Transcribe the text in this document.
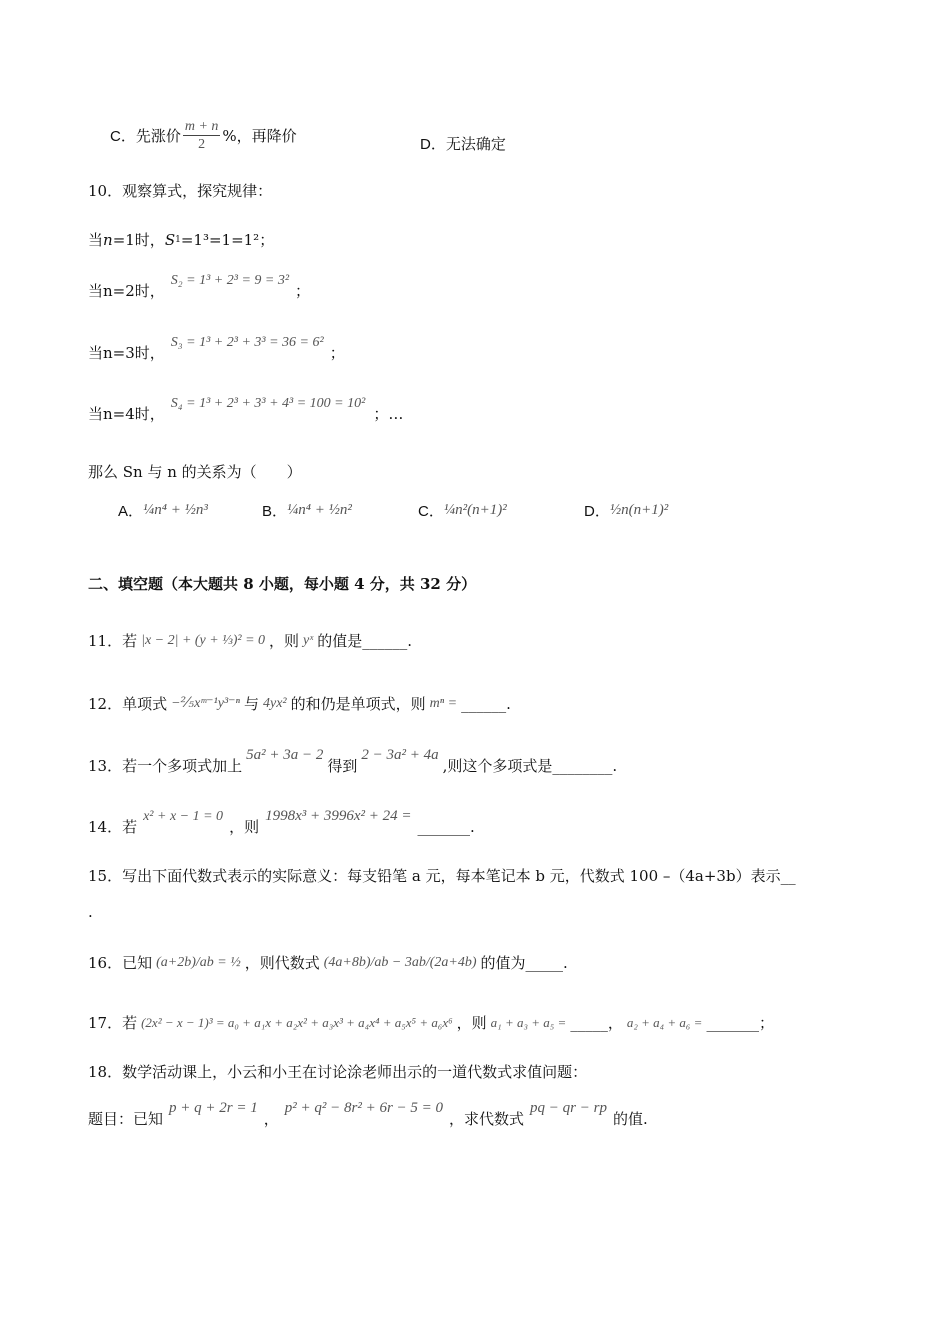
C．先涨价 $\frac{m + n}{2}$ %，再降价	D．无法确定
10．观察算式，探究规律：
当 n =1时， S 1 =1³=1=1²；
当n=2时，
S₂ = 1³ + 2³ = 9 = 3²
；
当n=3时，
S₃ = 1³ + 2³ + 3³ = 36 = 6²
；
当n=4时，
S₄ = 1³ + 2³ + 3³ + 4³ = 100 = 10²
；…
那么 Sn 与 n 的关系为（　　）
A． ¼n⁴ + ½n³	B． ¼n⁴ + ½n²	C． ¼n²(n+1)²	D． ½n(n+1)²
二、填空题（本大题共 8 小题，每小题 4 分，共 32 分）
11．若 |x − 2| + (y + ⅓)² = 0 ，则 yˣ 的值是______.
12．单项式 −⅖xᵐ⁻¹y³⁻ⁿ 与 4yx² 的和仍是单项式，则 mⁿ = ______.
13．若一个多项式加上
5a² + 3a − 2
得到
2 − 3a² + 4a
,则这个多项式是________.
14．若
x² + x − 1 = 0
，则
1998x³ + 3996x² + 24 =
_______.
15．写出下面代数式表示的实际意义：每支铅笔 a 元，每本笔记本 b 元，代数式 100 –（4a+3b）表示__
.
16．已知 (a+2b)/ab = ½ ，则代数式 (4a+8b)/ab − 3ab/(2a+4b) 的值为_____.
17．若 (2x² − x − 1)³ = a₀ + a₁x + a₂x² + a₃x³ + a₄x⁴ + a₅x⁵ + a₆x⁶ ，则 a₁ + a₃ + a₅ = _____， a₂ + a₄ + a₆ = _______；
18．数学活动课上，小云和小王在讨论涂老师出示的一道代数式求值问题：
题目：已知
p + q + 2r = 1
，
p² + q² − 8r² + 6r − 5 = 0
，求代数式
pq − qr − rp
的值.
